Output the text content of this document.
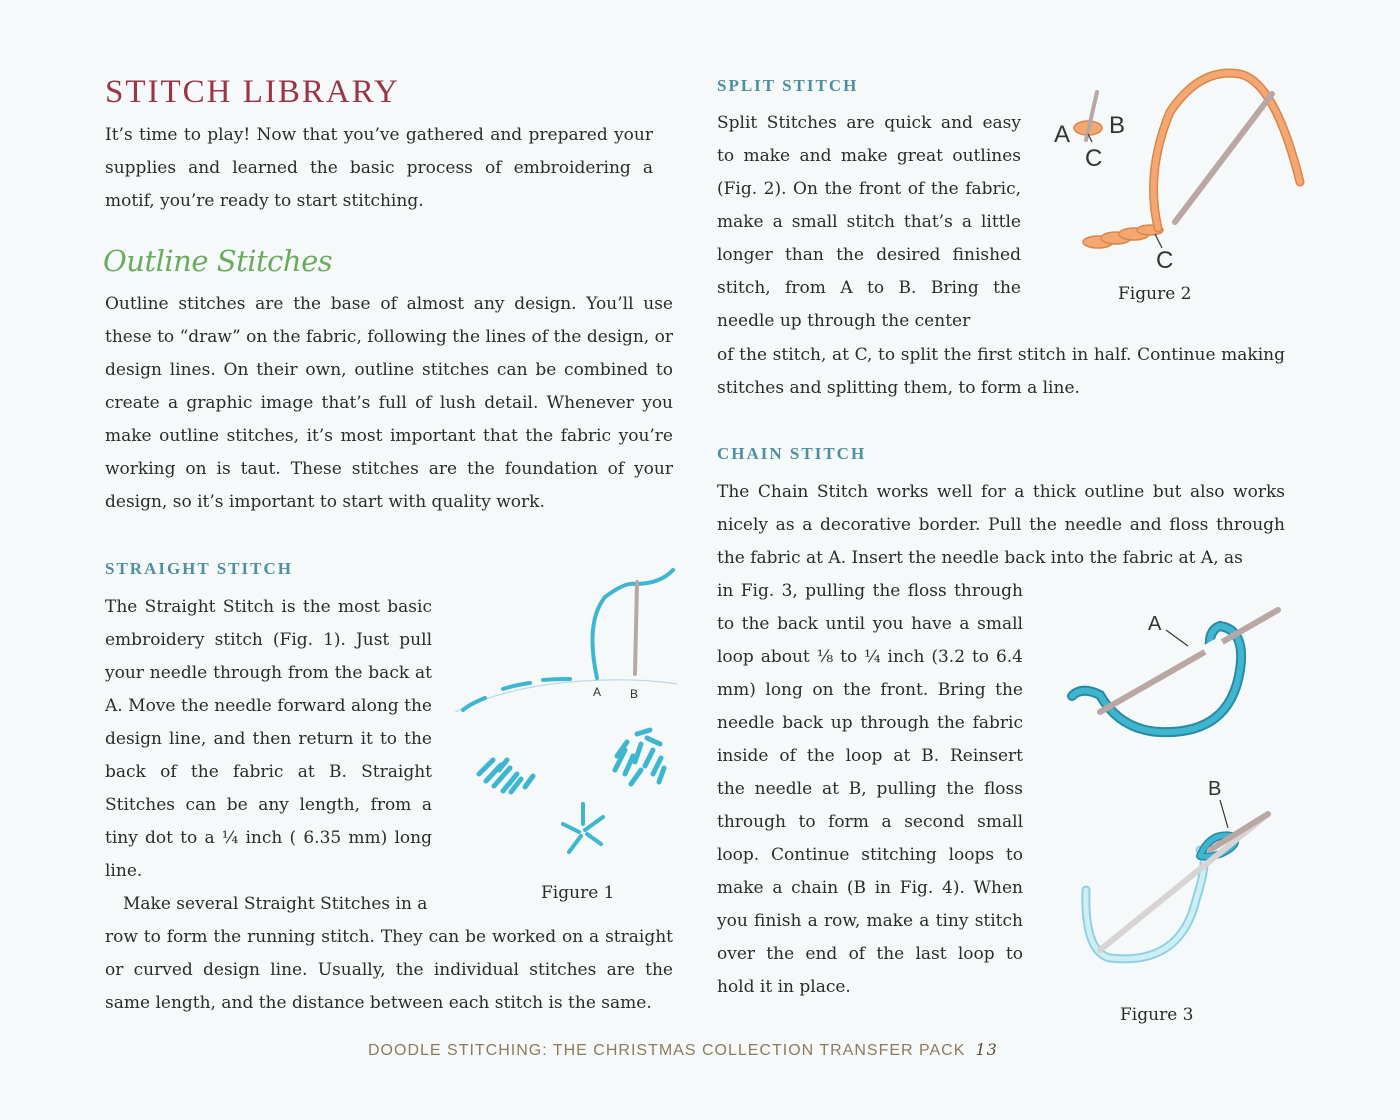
STITCH LIBRARY
It’s time to play! Now that you’ve gathered and prepared your supplies and learned the basic process of embroidering a motif, you’re ready to start stitching.
Outline Stitches
Outline stitches are the base of almost any design. You’ll use these to “draw” on the fabric, following the lines of the design, or design lines. On their own, outline stitches can be combined to create a graphic image that’s full of lush detail. Whenever you make outline stitches, it’s most important that the fabric you’re working on is taut. These stitches are the foundation of your design, so it’s important to start with quality work.
STRAIGHT STITCH
The Straight Stitch is the most basic embroidery stitch (Fig. 1). Just pull your needle through from the back at A. Move the needle forward along the design line, and then return it to the back of the fabric at B. Straight Stitches can be any length, from a tiny dot to a ¼ inch ( 6.35 mm) long line.
Make several Straight Stitches in a
row to form the running stitch. They can be worked on a straight or curved design line. Usually, the individual stitches are the same length, and the distance between each stitch is the same.
A B
Figure 1
SPLIT STITCH
Split Stitches are quick and easy to make and make great outlines (Fig. 2). On the front of the fabric, make a small stitch that’s a little longer than the desired finished stitch, from A to B. Bring the needle up through the center
of the stitch, at C, to split the first stitch in half. Continue making stitches and splitting them, to form a line.
A B
C
C
Figure 2
CHAIN STITCH
The Chain Stitch works well for a thick outline but also works nicely as a decorative border. Pull the needle and floss through the fabric at A. Insert the needle back into the fabric at A, as
in Fig. 3, pulling the floss through to the back until you have a small loop about ⅛ to ¼ inch (3.2 to 6.4 mm) long on the front. Bring the needle back up through the fabric inside of the loop at B. Reinsert the needle at B, pulling the floss through to form a second small loop. Continue stitching loops to make a chain (B in Fig. 4). When you finish a row, make a tiny stitch over the end of the last loop to hold it in place.
A
B
Figure 3
DOODLE STITCHING: THE CHRISTMAS COLLECTION TRANSFER PACK 13
